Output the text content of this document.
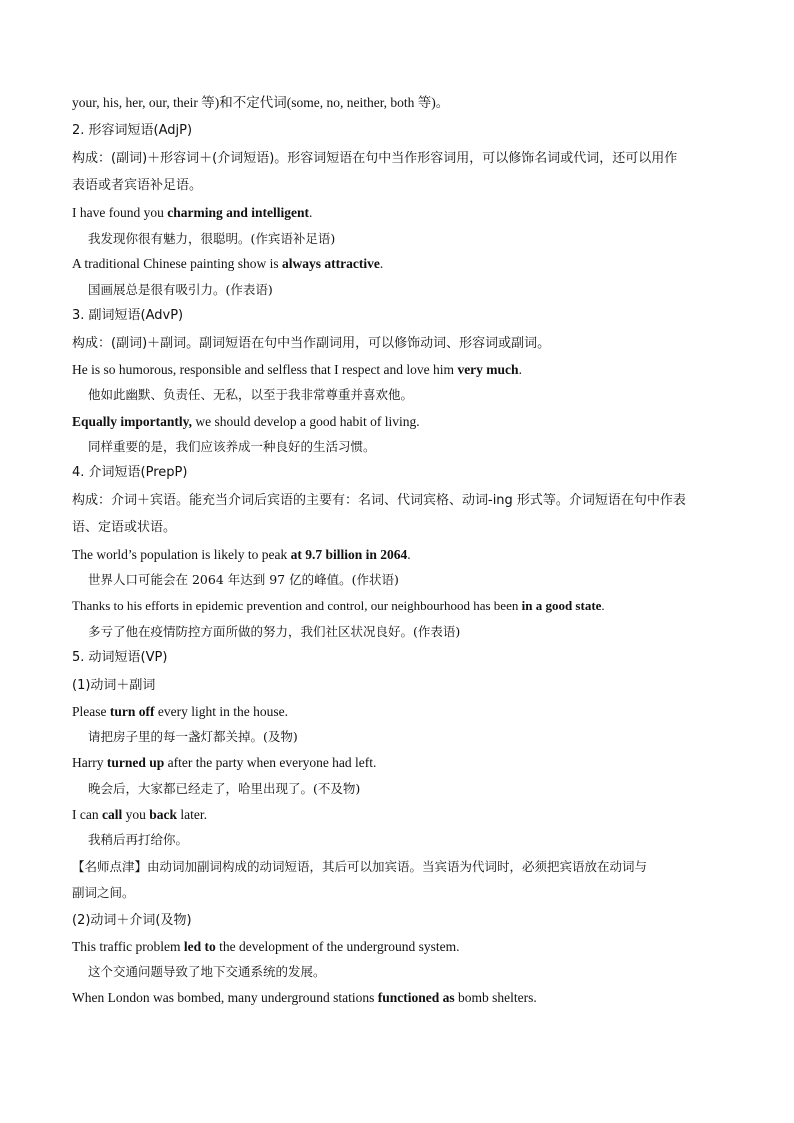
your, his, her, our, their 等)和不定代词(some, no, neither, both 等)。
2. 形容词短语(AdjP)
构成：(副词)＋形容词＋(介词短语)。形容词短语在句中当作形容词用，可以修饰名词或代词，还可以用作
表语或者宾语补足语。
I have found you charming and intelligent.
我发现你很有魅力，很聪明。(作宾语补足语)
A traditional Chinese painting show is always attractive.
国画展总是很有吸引力。(作表语)
3. 副词短语(AdvP)
构成：(副词)＋副词。副词短语在句中当作副词用，可以修饰动词、形容词或副词。
He is so humorous, responsible and selfless that I respect and love him very much.
他如此幽默、负责任、无私，以至于我非常尊重并喜欢他。
Equally importantly, we should develop a good habit of living.
同样重要的是，我们应该养成一种良好的生活习惯。
4. 介词短语(PrepP)
构成：介词＋宾语。能充当介词后宾语的主要有：名词、代词宾格、动词-ing 形式等。介词短语在句中作表
语、定语或状语。
The world’s population is likely to peak at 9.7 billion in 2064.
世界人口可能会在 2064 年达到 97 亿的峰值。(作状语)
Thanks to his efforts in epidemic prevention and control, our neighbourhood has been in a good state.
多亏了他在疫情防控方面所做的努力，我们社区状况良好。(作表语)
5. 动词短语(VP)
(1)动词＋副词
Please turn off every light in the house.
请把房子里的每一盏灯都关掉。(及物)
Harry turned up after the party when everyone had left.
晚会后，大家都已经走了，哈里出现了。(不及物)
I can call you back later.
我稍后再打给你。
【名师点津】由动词加副词构成的动词短语，其后可以加宾语。当宾语为代词时，必须把宾语放在动词与
副词之间。
(2)动词＋介词(及物)
This traffic problem led to the development of the underground system.
这个交通问题导致了地下交通系统的发展。
When London was bombed, many underground stations functioned as bomb shelters.
